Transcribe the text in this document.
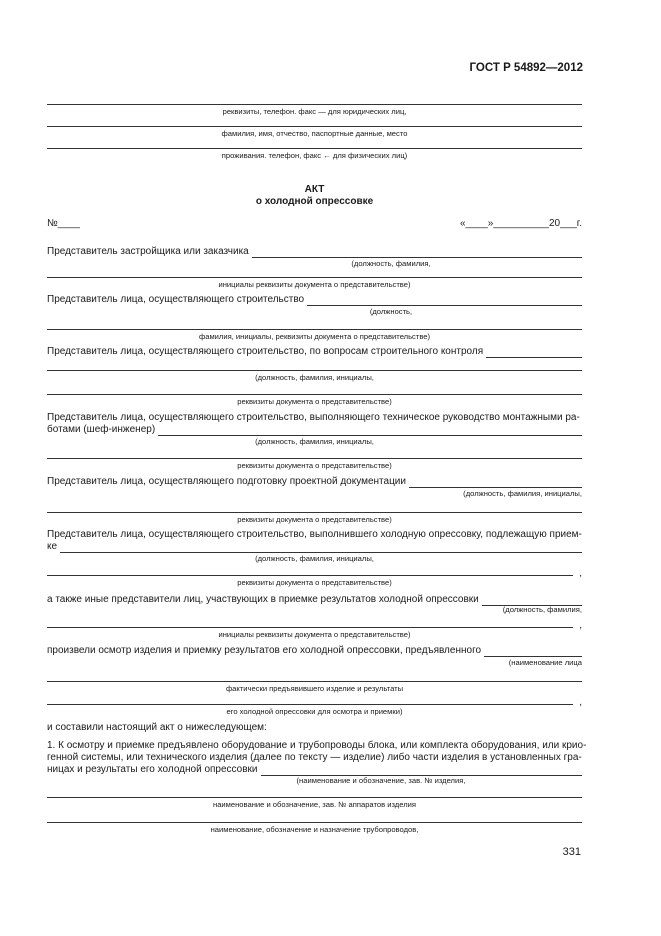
ГОСТ Р 54892—2012
реквизиты, телефон. факс — для юридических лиц,
фамилия, имя, отчество, паспортные данные, место
проживания. телефон, факс ← для физических лиц)
АКТ
о холодной опрессовке
№____	«____»__________20___г.
Представитель застройщика или заказчика
(должность, фамилия,
инициалы реквизиты документа о представительстве)
Представитель лица, осуществляющего строительство
(должность,
фамилия, инициалы, реквизиты документа о представительстве)
Представитель лица, осуществляющего строительство, по вопросам строительного контроля
(должность, фамилия, инициалы,
реквизиты документа о представительстве)
Представитель лица, осуществляющего строительство, выполняющего техническое руководство монтажными ра-
ботами (шеф-инженер)
(должность, фамилия, инициалы,
реквизиты документа о представительстве)
Представитель лица, осуществляющего подготовку проектной документации
(должность, фамилия, инициалы,
реквизиты документа о представительстве)
Представитель лица, осуществляющего строительство, выполнившего холодную опрессовку, подлежащую прием-
ке
(должность, фамилия, инициалы,
,
реквизиты документа о представительстве)
а также иные представители лиц, участвующих в приемке результатов холодной опрессовки
(должность, фамилия,
,
инициалы реквизиты документа о представительстве)
произвели осмотр изделия и приемку результатов его холодной опрессовки, предъявленного
(наименование лица
фактически предъявившего изделие и результаты
,
его холодной опрессовки для осмотра и приемки)
и составили настоящий акт о нижеследующем:
1. К осмотру и приемке предъявлено оборудование и трубопроводы блока, или комплекта оборудования, или крио-
генной системы, или технического изделия (далее по тексту — изделие) либо части изделия в установленных гра-
ницах и результаты его холодной опрессовки
(наименование и обозначение, зав. № изделия,
наименование и обозначение, зав. № аппаратов изделия
наименование, обозначение и назначение трубопроводов,
331
